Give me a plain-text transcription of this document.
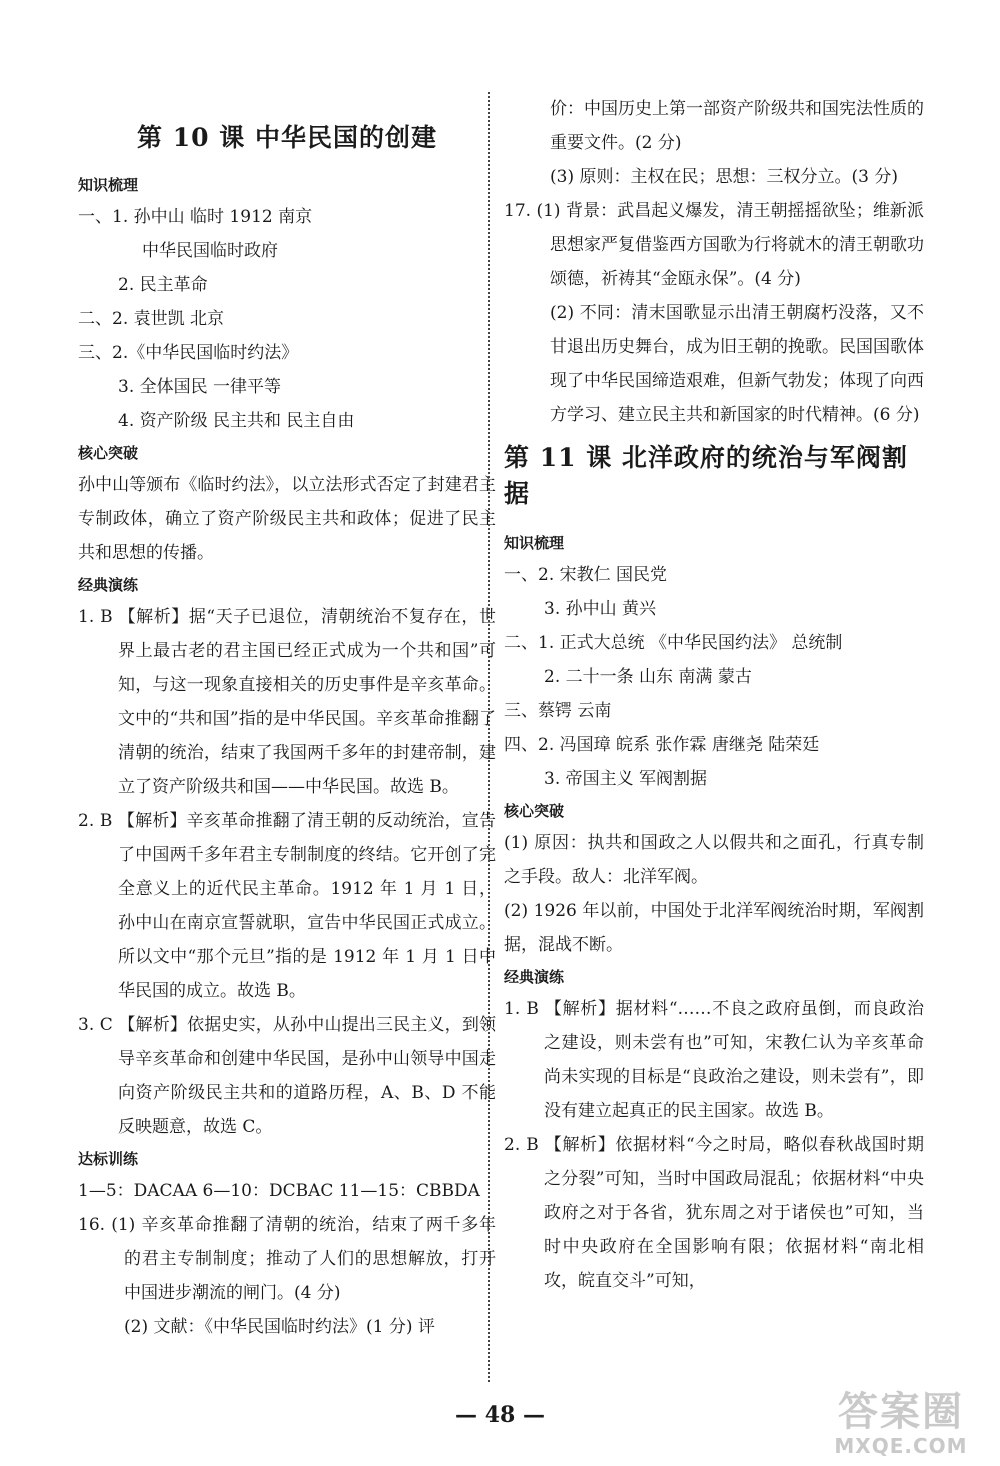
第 10 课 中华民国的创建
知识梳理
一、1. 孙中山 临时 1912 南京
中华民国临时政府
2. 民主革命
二、2. 袁世凯 北京
三、2.《中华民国临时约法》
3. 全体国民 一律平等
4. 资产阶级 民主共和 民主自由
核心突破
孙中山等颁布《临时约法》，以立法形式否定了封建君主专制政体，确立了资产阶级民主共和政体；促进了民主共和思想的传播。
经典演练
1. B 【解析】据“天子已退位，清朝统治不复存在，世界上最古老的君主国已经正式成为一个共和国”可知，与这一现象直接相关的历史事件是辛亥革命。文中的“共和国”指的是中华民国。辛亥革命推翻了清朝的统治，结束了我国两千多年的封建帝制，建立了资产阶级共和国——中华民国。故选 B。
2. B 【解析】辛亥革命推翻了清王朝的反动统治，宣告了中国两千多年君主专制制度的终结。它开创了完全意义上的近代民主革命。1912 年 1 月 1 日，孙中山在南京宣誓就职，宣告中华民国正式成立。所以文中“那个元旦”指的是 1912 年 1 月 1 日中华民国的成立。故选 B。
3. C 【解析】依据史实，从孙中山提出三民主义，到领导辛亥革命和创建中华民国，是孙中山领导中国走向资产阶级民主共和的道路历程，A、B、D 不能反映题意，故选 C。
达标训练
1—5：DACAA 6—10：DCBAC 11—15：CBBDA
16. (1) 辛亥革命推翻了清朝的统治，结束了两千多年的君主专制制度；推动了人们的思想解放，打开中国进步潮流的闸门。(4 分)
(2) 文献：《中华民国临时约法》(1 分) 评
价：中国历史上第一部资产阶级共和国宪法性质的重要文件。(2 分)
(3) 原则：主权在民；思想：三权分立。(3 分)
17. (1) 背景：武昌起义爆发，清王朝摇摇欲坠；维新派思想家严复借鉴西方国歌为行将就木的清王朝歌功颂德，祈祷其“金瓯永保”。(4 分)
(2) 不同：清末国歌显示出清王朝腐朽没落，又不甘退出历史舞台，成为旧王朝的挽歌。民国国歌体现了中华民国缔造艰难，但新气勃发；体现了向西方学习、建立民主共和新国家的时代精神。(6 分)
第 11 课 北洋政府的统治与军阀割据
知识梳理
一、2. 宋教仁 国民党
3. 孙中山 黄兴
二、1. 正式大总统 《中华民国约法》 总统制
2. 二十一条 山东 南满 蒙古
三、蔡锷 云南
四、2. 冯国璋 皖系 张作霖 唐继尧 陆荣廷
3. 帝国主义 军阀割据
核心突破
(1) 原因：执共和国政之人以假共和之面孔，行真专制之手段。敌人：北洋军阀。
(2) 1926 年以前，中国处于北洋军阀统治时期，军阀割据，混战不断。
经典演练
1. B 【解析】据材料“……不良之政府虽倒，而良政治之建设，则未尝有也”可知，宋教仁认为辛亥革命尚未实现的目标是“良政治之建设，则未尝有”，即没有建立起真正的民主国家。故选 B。
2. B 【解析】依据材料“今之时局，略似春秋战国时期之分裂”可知，当时中国政局混乱；依据材料“中央政府之对于各省，犹东周之对于诸侯也”可知，当时中央政府在全国影响有限；依据材料“南北相攻，皖直交斗”可知，
— 48 —	答案圈
MXQE.COM
